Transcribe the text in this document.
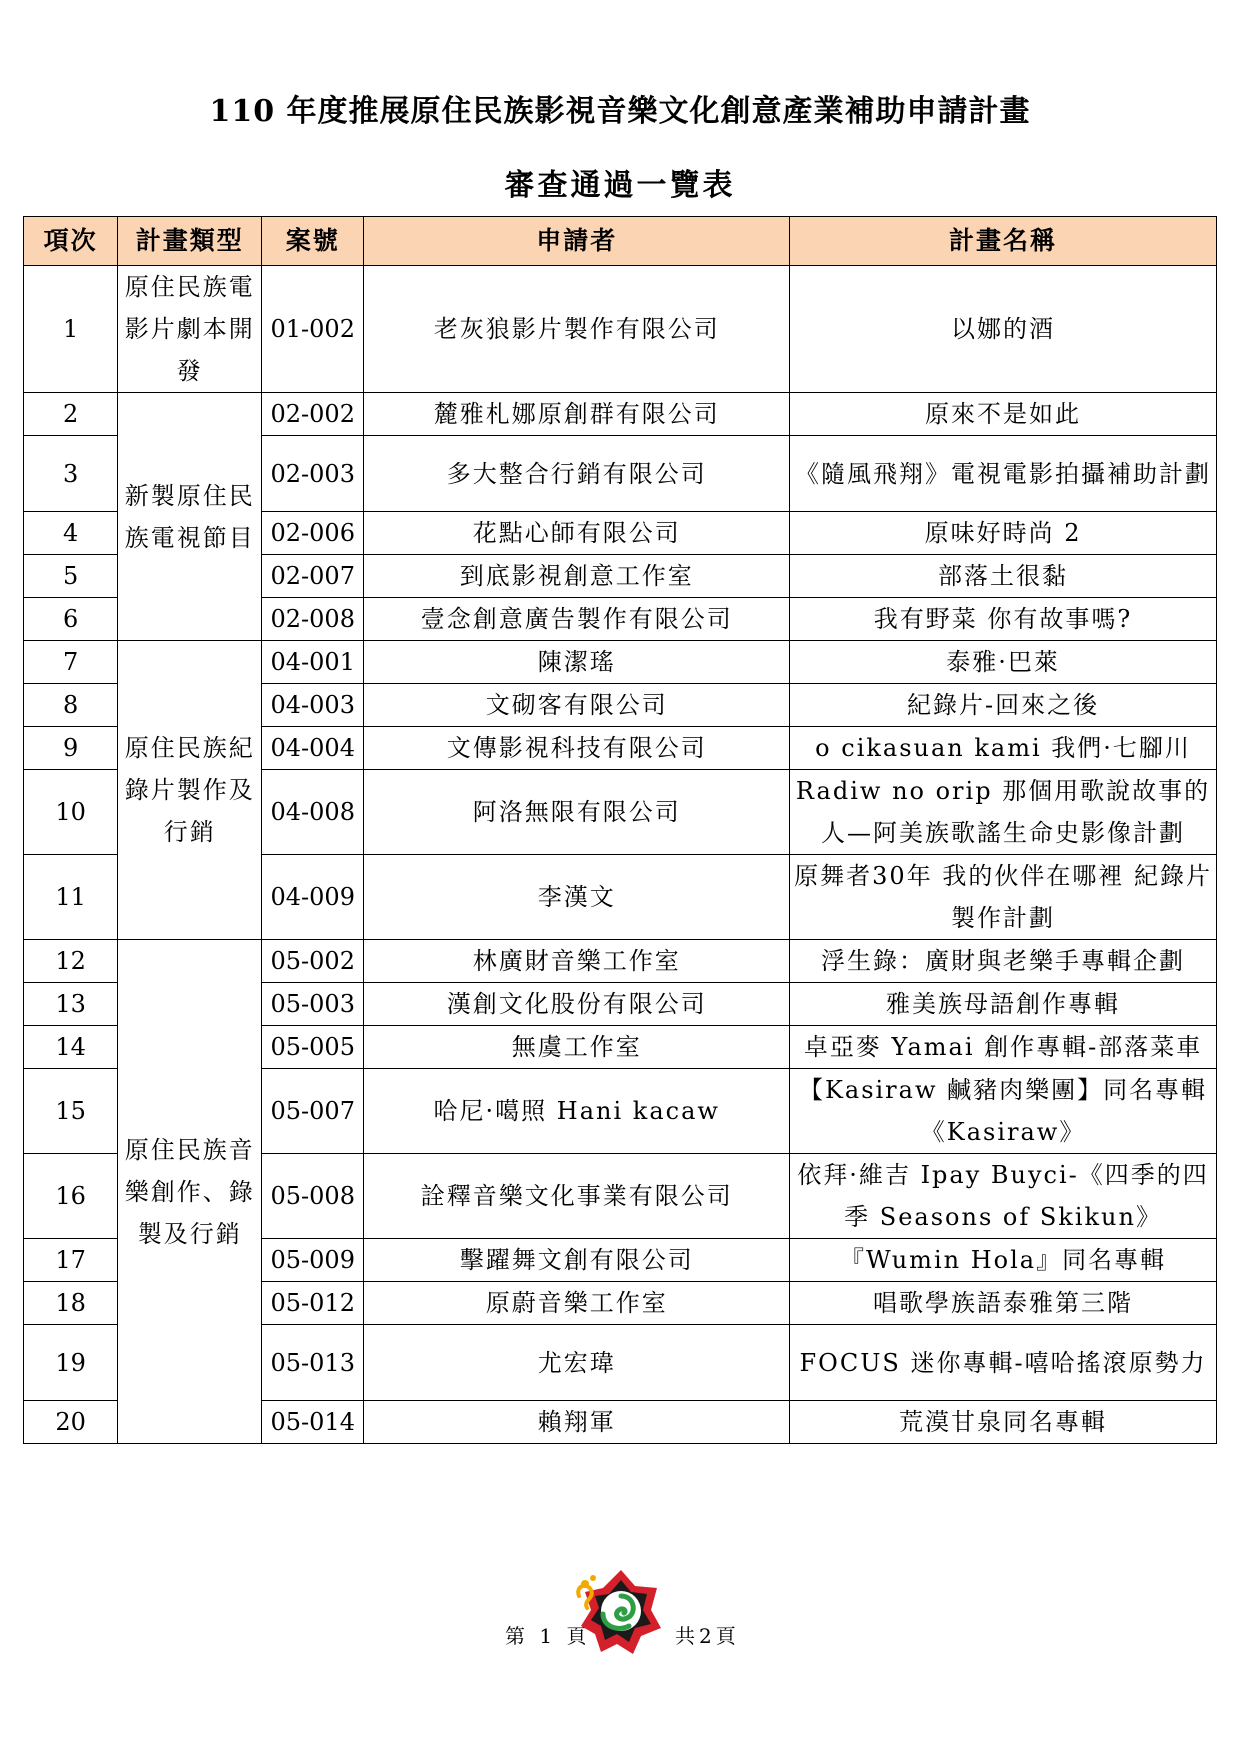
110 年度推展原住民族影視音樂文化創意產業補助申請計畫
審查通過一覽表
項次	計畫類型	案號	申請者	計畫名稱
1	原住民族電影片劇本開發	01-002	老灰狼影片製作有限公司	以娜的酒
2	新製原住民族電視節目	02-002	麓雅札娜原創群有限公司	原來不是如此
3		02-003	多大整合行銷有限公司	《隨風飛翔》電視電影拍攝補助計劃
4		02-006	花點心師有限公司	原味好時尚 2
5		02-007	到底影視創意工作室	部落土很黏
6		02-008	壹念創意廣告製作有限公司	我有野菜 你有故事嗎?
7	原住民族紀錄片製作及行銷	04-001	陳潔瑤	泰雅·巴萊
8		04-003	文砌客有限公司	紀錄片-回來之後
9		04-004	文傳影視科技有限公司	o cikasuan kami 我們·七腳川
10		04-008	阿洛無限有限公司	Radiw no orip 那個用歌說故事的人—阿美族歌謠生命史影像計劃
11		04-009	李漢文	原舞者30年 我的伙伴在哪裡 紀錄片製作計劃
12	原住民族音樂創作、錄製及行銷	05-002	林廣財音樂工作室	浮生錄：廣財與老樂手專輯企劃
13		05-003	漢創文化股份有限公司	雅美族母語創作專輯
14		05-005	無虞工作室	卓亞麥 Yamai 創作專輯-部落菜車
15		05-007	哈尼·噶照 Hani kacaw	【Kasiraw 鹹豬肉樂團】同名專輯《Kasiraw》
16		05-008	詮釋音樂文化事業有限公司	依拜·維吉 Ipay Buyci-《四季的四季 Seasons of Skikun》
17		05-009	擊躍舞文創有限公司	『Wumin Hola』同名專輯
18		05-012	原蔚音樂工作室	唱歌學族語泰雅第三階
19		05-013	尤宏瑋	FOCUS 迷你專輯-嘻哈搖滾原勢力
20		05-014	賴翔軍	荒漠甘泉同名專輯
第 1 頁	共2頁
